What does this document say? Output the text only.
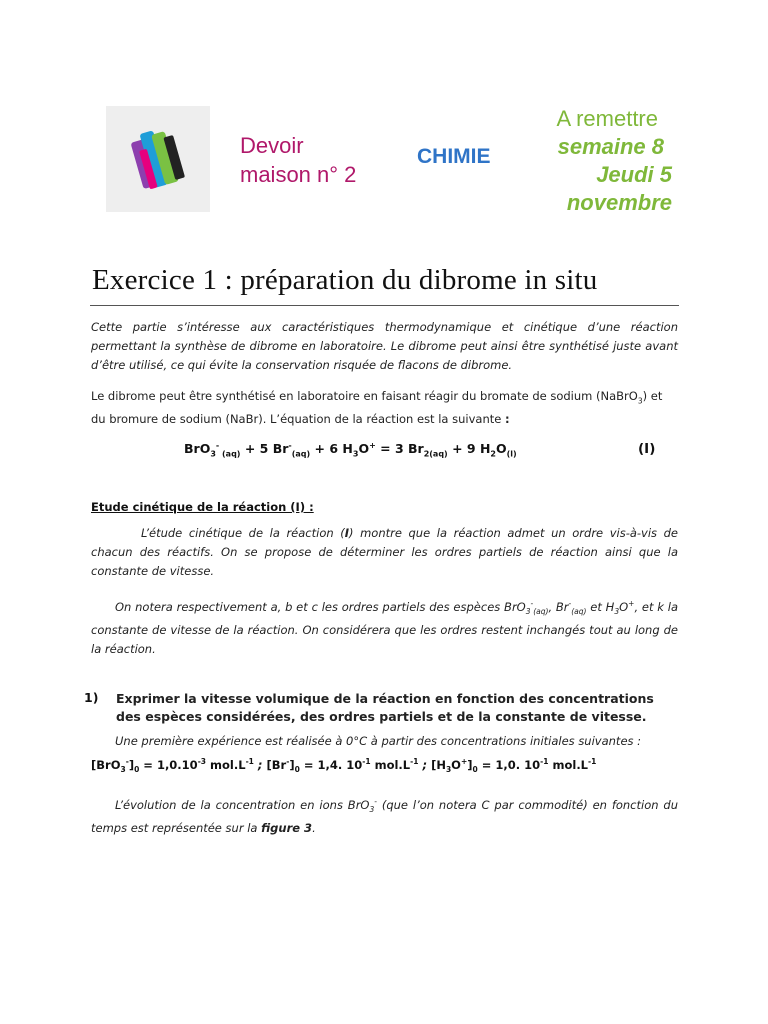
Devoir
maison n° 2
CHIMIE
A remettre
semaine 8
Jeudi 5
novembre
Exercice 1 : préparation du dibrome in situ
Cette partie s’intéresse aux caractéristiques thermodynamique et cinétique d’une réaction permettant la synthèse de dibrome en laboratoire. Le dibrome peut ainsi être synthétisé juste avant d’être utilisé, ce qui évite la conservation risquée de flacons de dibrome.
Le dibrome peut être synthétisé en laboratoire en faisant réagir du bromate de sodium (NaBrO$_3$) et du bromure de sodium (NaBr). L’équation de la réaction est la suivante :
BrO$_3$- $_{(aq)}$ + 5 $Br^-_{(aq)} + 6$ $H_3O^+ = 3$ $Br_{2(aq)} + 9$ $H_2O_{(l)}$	(I)
Etude cinétique de la réaction (I) :
L’étude cinétique de la réaction (I) montre que la réaction admet un ordre vis-à-vis de chacun des réactifs. On se propose de déterminer les ordres partiels de réaction ainsi que la constante de vitesse.
On notera respectivement a, b et c les ordres partiels des espèces BrO$_3$-$_{(aq)}$, $Br^-_{(aq)}$ et $H_3O^+$, et k la constante de vitesse de la réaction. On considérera que les ordres restent inchangés tout au long de la réaction.
1) Exprimer la vitesse volumique de la réaction en fonction des concentrations des espèces considérées, des ordres partiels et de la constante de vitesse.
Une première expérience est réalisée à 0°C à partir des concentrations initiales suivantes :
$[BrO_3^-]_0 = 1,0.10^{-3}$ $mol.L^{-1}$ ; $[Br^-]_0 = 1,4$. $10^{-1}$ $mol.L^{-1}$ ; $[H_3O^+]_0 = 1,0$. $10^{-1}$ $mol.L^{-1}$
L’évolution de la concentration en ions BrO$_3$- (que l’on notera C par commodité) en fonction du temps est représentée sur la figure 3.
